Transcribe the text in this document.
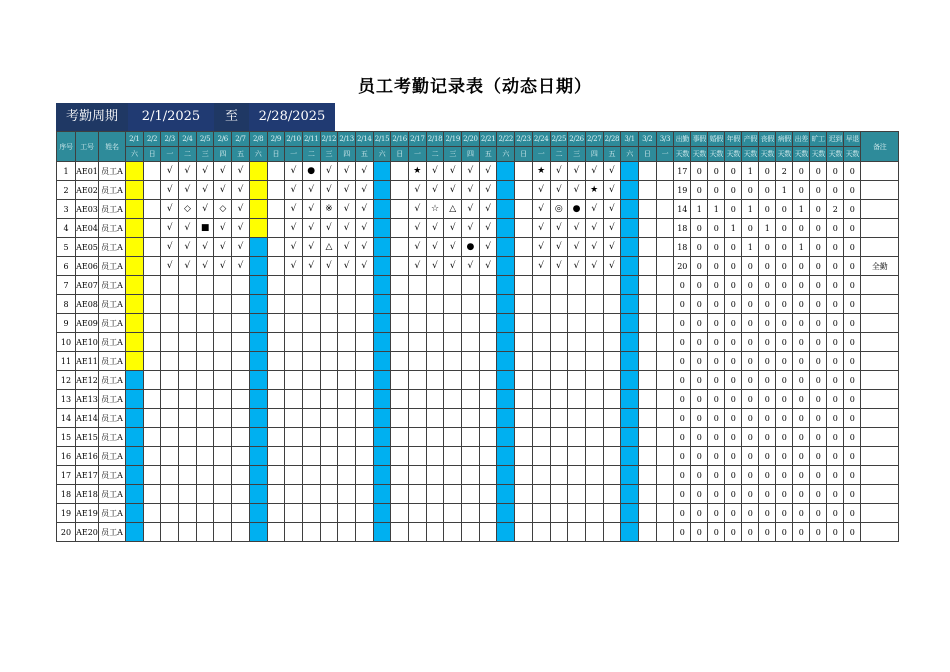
员工考勤记录表（动态日期）
考勤周期	2/1/2025	至	2/28/2025
序号	工号	姓名	2/1	2/2	2/3	2/4	2/5	2/6	2/7	2/8	2/9	2/10	2/11	2/12	2/13	2/14	2/15	2/16	2/17	2/18	2/19	2/20	2/21	2/22	2/23	2/24	2/25	2/26	2/27	2/28	3/1	3/2	3/3	出勤	事假	婚假	年假	产假	丧假	病假	出差	旷工	迟到	早退	备注
			六	日	一	二	三	四	五	六	日	一	二	三	四	五	六	日	一	二	三	四	五	六	日	一	二	三	四	五	六	日	一	天数	天数	天数	天数	天数	天数	天数	天数	天数	天数	天数	
1	AE01	员工A			√	√	√	√	√			√	●	√	√	√			★	√	√	√	√			★	√	√	√	√				17	0	0	0	1	0	2	0	0	0	0	
2	AE02	员工A			√	√	√	√	√			√	√	√	√	√			√	√	√	√	√			√	√	√	★	√				19	0	0	0	0	0	1	0	0	0	0	
3	AE03	员工A			√	◇	√	◇	√			√	√	※	√	√			√	☆	△	√	√			√	◎	●	√	√				14	1	1	0	1	0	0	1	0	2	0	
4	AE04	员工A			√	√	■	√	√			√	√	√	√	√			√	√	√	√	√			√	√	√	√	√				18	0	0	1	0	1	0	0	0	0	0	
5	AE05	员工A			√	√	√	√	√			√	√	△	√	√			√	√	√	●	√			√	√	√	√	√				18	0	0	0	1	0	0	1	0	0	0	
6	AE06	员工A			√	√	√	√	√			√	√	√	√	√			√	√	√	√	√			√	√	√	√	√				20	0	0	0	0	0	0	0	0	0	0	全勤
7	AE07	员工A																																0	0	0	0	0	0	0	0	0	0	0	
8	AE08	员工A																																0	0	0	0	0	0	0	0	0	0	0	
9	AE09	员工A																																0	0	0	0	0	0	0	0	0	0	0	
10	AE10	员工A																																0	0	0	0	0	0	0	0	0	0	0	
11	AE11	员工A																																0	0	0	0	0	0	0	0	0	0	0	
12	AE12	员工A																																0	0	0	0	0	0	0	0	0	0	0	
13	AE13	员工A																																0	0	0	0	0	0	0	0	0	0	0	
14	AE14	员工A																																0	0	0	0	0	0	0	0	0	0	0	
15	AE15	员工A																																0	0	0	0	0	0	0	0	0	0	0	
16	AE16	员工A																																0	0	0	0	0	0	0	0	0	0	0	
17	AE17	员工A																																0	0	0	0	0	0	0	0	0	0	0	
18	AE18	员工A																																0	0	0	0	0	0	0	0	0	0	0	
19	AE19	员工A																																0	0	0	0	0	0	0	0	0	0	0	
20	AE20	员工A																																0	0	0	0	0	0	0	0	0	0	0	
